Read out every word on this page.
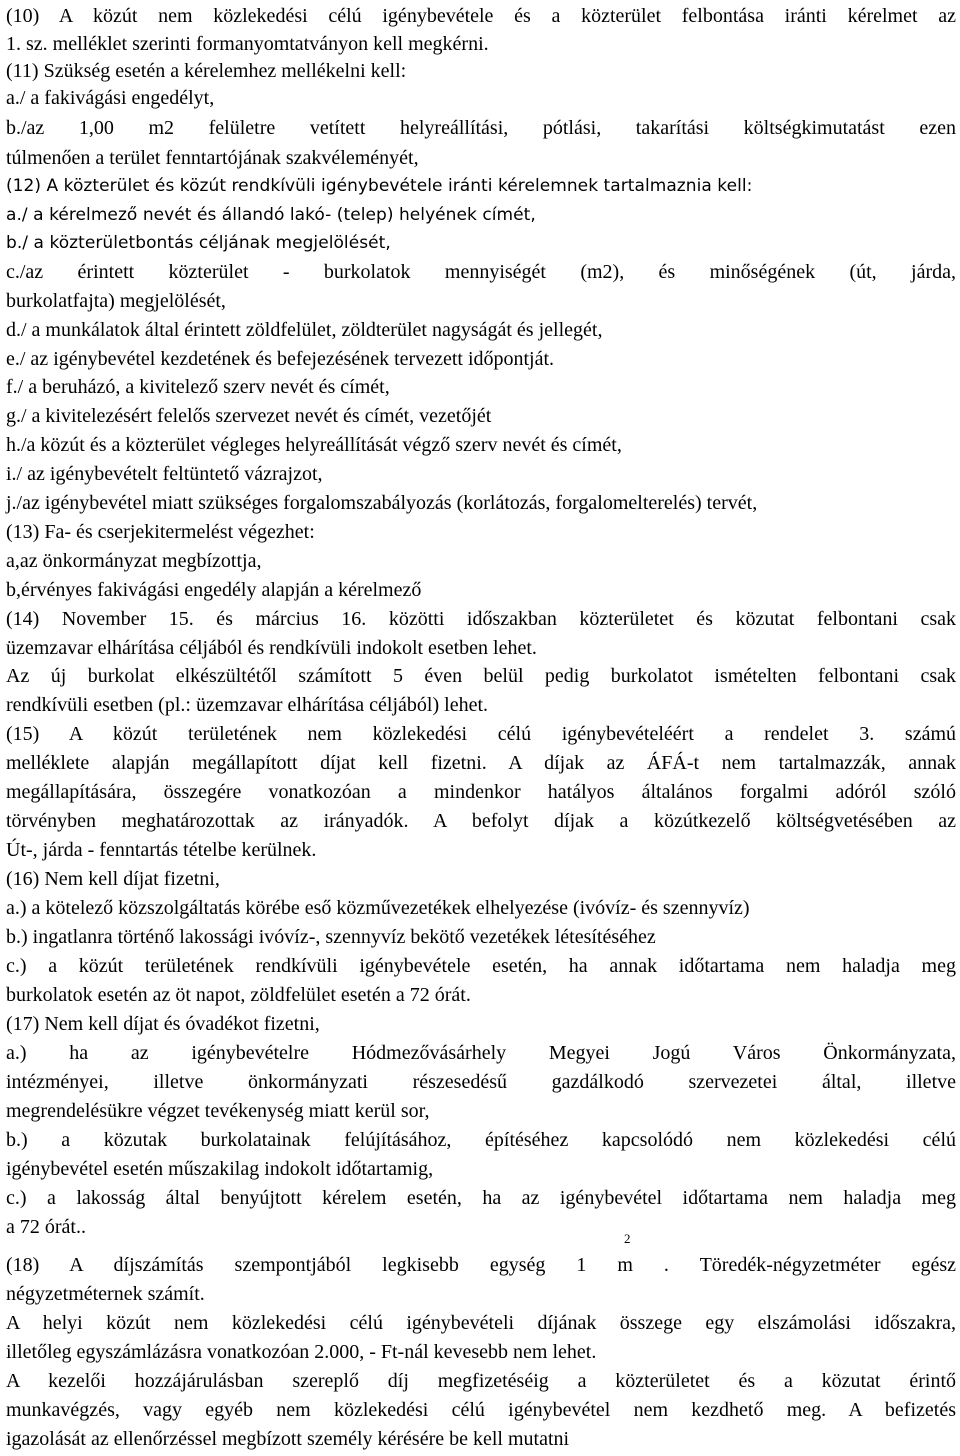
(10) A közút nem közlekedési célú igénybevétele és a közterület felbontása iránti kérelmet az
1. sz. melléklet szerinti formanyomtatványon kell megkérni.
(11) Szükség esetén a kérelemhez mellékelni kell:
a./ a fakivágási engedélyt,
b./az 1,00 m2 felületre vetített helyreállítási, pótlási, takarítási költségkimutatást ezen
túlmenően a terület fenntartójának szakvéleményét,
(12) A közterület és közút rendkívüli igénybevétele iránti kérelemnek tartalmaznia kell:
a./ a kérelmező nevét és állandó lakó- (telep) helyének címét,
b./ a közterületbontás céljának megjelölését,
c./az érintett közterület - burkolatok mennyiségét (m2), és minőségének (út, járda,
burkolatfajta) megjelölését,
d./ a munkálatok által érintett zöldfelület, zöldterület nagyságát és jellegét,
e./ az igénybevétel kezdetének és befejezésének tervezett időpontját.
f./ a beruházó, a kivitelező szerv nevét és címét,
g./ a kivitelezésért felelős szervezet nevét és címét, vezetőjét
h./a közút és a közterület végleges helyreállítását végző szerv nevét és címét,
i./ az igénybevételt feltüntető vázrajzot,
j./az igénybevétel miatt szükséges forgalomszabályozás (korlátozás, forgalomelterelés) tervét,
(13) Fa- és cserjekitermelést végezhet:
a,az önkormányzat megbízottja,
b,érvényes fakivágási engedély alapján a kérelmező
(14) November 15. és március 16. közötti időszakban közterületet és közutat felbontani csak
üzemzavar elhárítása céljából és rendkívüli indokolt esetben lehet.
Az új burkolat elkészültétől számított 5 éven belül pedig burkolatot ismételten felbontani csak
rendkívüli esetben (pl.: üzemzavar elhárítása céljából) lehet.
(15) A közút területének nem közlekedési célú igénybevételéért a rendelet 3. számú
melléklete alapján megállapított díjat kell fizetni. A díjak az ÁFÁ-t nem tartalmazzák, annak
megállapítására, összegére vonatkozóan a mindenkor hatályos általános forgalmi adóról szóló
törvényben meghatározottak az irányadók. A befolyt díjak a közútkezelő költségvetésében az
Út-, járda - fenntartás tételbe kerülnek.
(16) Nem kell díjat fizetni,
a.) a kötelező közszolgáltatás körébe eső közművezetékek elhelyezése (ivóvíz- és szennyvíz)
b.) ingatlanra történő lakossági ivóvíz-, szennyvíz bekötő vezetékek létesítéséhez
c.) a közút területének rendkívüli igénybevétele esetén, ha annak időtartama nem haladja meg
burkolatok esetén az öt napot, zöldfelület esetén a 72 órát.
(17) Nem kell díjat és óvadékot fizetni,
a.) ha az igénybevételre Hódmezővásárhely Megyei Jogú Város Önkormányzata,
intézményei, illetve önkormányzati részesedésű gazdálkodó szervezetei által, illetve
megrendelésükre végzet tevékenység miatt kerül sor,
b.) a közutak burkolatainak felújításához, építéséhez kapcsolódó nem közlekedési célú
igénybevétel esetén műszakilag indokolt időtartamig,
c.) a lakosság által benyújtott kérelem esetén, ha az igénybevétel időtartama nem haladja meg
a 72 órát..
(18) A díjszámítás szempontjából legkisebb egység 1 m . Töredék-négyzetméter egész
2
négyzetméternek számít.
A helyi közút nem közlekedési célú igénybevételi díjának összege egy elszámolási időszakra,
illetőleg egyszámlázásra vonatkozóan 2.000, - Ft-nál kevesebb nem lehet.
A kezelői hozzájárulásban szereplő díj megfizetéséig a közterületet és a közutat érintő
munkavégzés, vagy egyéb nem közlekedési célú igénybevétel nem kezdhető meg. A befizetés
igazolását az ellenőrzéssel megbízott személy kérésére be kell mutatni
